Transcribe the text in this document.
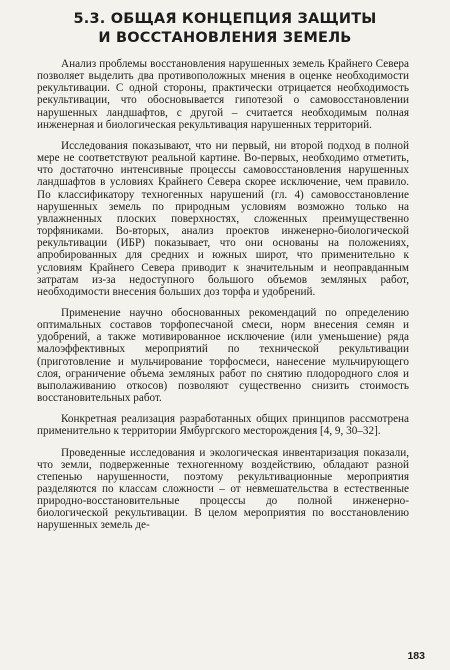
5.3. ОБЩАЯ КОНЦЕПЦИЯ ЗАЩИТЫ
И ВОССТАНОВЛЕНИЯ ЗЕМЕЛЬ

Анализ проблемы восстановления нарушенных земель Крайнего Севера позволяет выделить два противоположных мнения в оценке необходимости рекультивации. С одной стороны, практически отрицается необходимость рекультивации, что обосновывается гипотезой о самовосстановлении нарушенных ландшафтов, с другой – считается необходимым полная инженерная и биологическая рекультивация нарушенных территорий.

Исследования показывают, что ни первый, ни второй подход в полной мере не соответствуют реальной картине. Во-первых, необходимо отметить, что достаточно интенсивные процессы самовосстановления нарушенных ландшафтов в условиях Крайнего Севера скорее исключение, чем правило. По классификатору техногенных нарушений (гл. 4) самовосстановление нарушенных земель по природным условиям возможно только на увлажненных плоских поверхностях, сложенных преимущественно торфяниками. Во-вторых, анализ проектов инженерно-биологической рекультивации (ИБР) показывает, что они основаны на положениях, апробированных для средних и южных широт, что применительно к условиям Крайнего Севера приводит к значительным и неоправданным затратам из-за недоступного большого объемов земляных работ, необходимости внесения больших доз торфа и удобрений.

Применение научно обоснованных рекомендаций по определению оптимальных составов торфопесчаной смеси, норм внесения семян и удобрений, а также мотивированное исключение (или уменьшение) ряда малоэффективных мероприятий по технической рекультивации (приготовление и мульчирование торфосмеси, нанесение мульчирующего слоя, ограничение объема земляных работ по снятию плодородного слоя и выполаживанию откосов) позволяют существенно снизить стоимость восстановительных работ.

Конкретная реализация разработанных общих принципов рассмотрена применительно к территории Ямбургского месторождения [4, 9, 30–32].

Проведенные исследования и экологическая инвентаризация показали, что земли, подверженные техногенному воздействию, обладают разной степенью нарушенности, поэтому рекультивационные мероприятия разделяются по классам сложности – от невмешательства в естественные природно-восстановительные процессы до полной инженерно-биологической рекультивации. В целом мероприятия по восстановлению нарушенных земель де-

183
